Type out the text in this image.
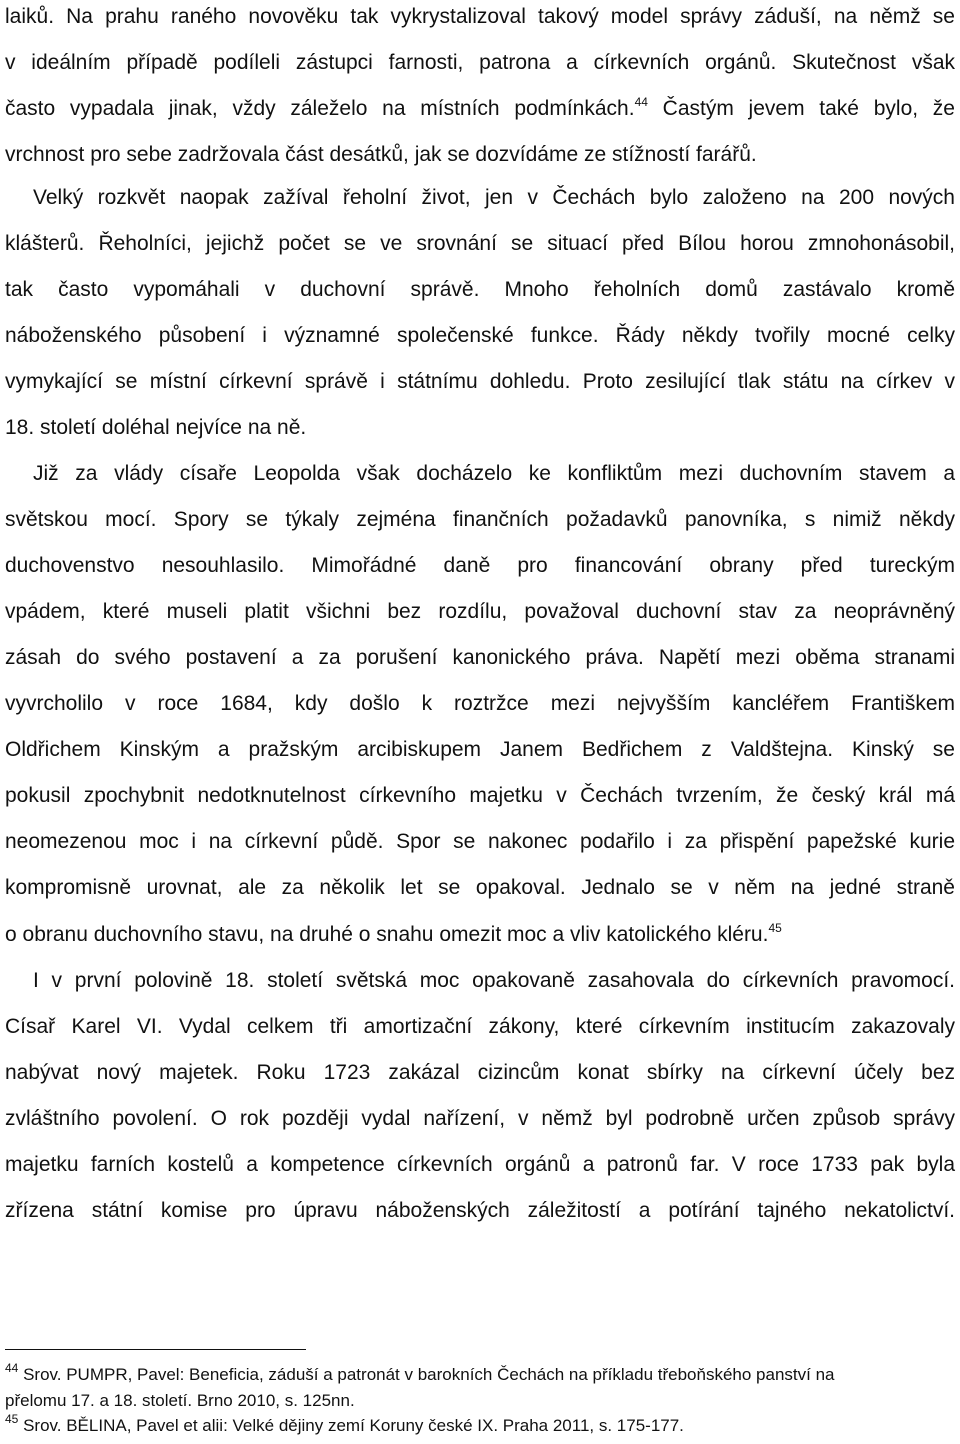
laiků. Na prahu raného novověku tak vykrystalizoval takový model správy záduší, na němž se
v ideálním případě podíleli zástupci farnosti, patrona a církevních orgánů. Skutečnost však
často vypadala jinak, vždy záleželo na místních podmínkách.$^{44}$ Častým jevem také bylo, že
vrchnost pro sebe zadržovala část desátků, jak se dozvídáme ze stížností farářů.
Velký rozkvět naopak zažíval řeholní život, jen v Čechách bylo založeno na 200 nových
klášterů. Řeholníci, jejichž počet se ve srovnání se situací před Bílou horou zmnohonásobil,
tak často vypomáhali v duchovní správě. Mnoho řeholních domů zastávalo kromě
náboženského působení i významné společenské funkce. Řády někdy tvořily mocné celky
vymykající se místní církevní správě i státnímu dohledu. Proto zesilující tlak státu na církev v
18. století doléhal nejvíce na ně.
Již za vlády císaře Leopolda však docházelo ke konfliktům mezi duchovním stavem a
světskou mocí. Spory se týkaly zejména finančních požadavků panovníka, s nimiž někdy
duchovenstvo nesouhlasilo. Mimořádné daně pro financování obrany před tureckým
vpádem, které museli platit všichni bez rozdílu, považoval duchovní stav za neoprávněný
zásah do svého postavení a za porušení kanonického práva. Napětí mezi oběma stranami
vyvrcholilo v roce 1684, kdy došlo k roztržce mezi nejvyšším kancléřem Františkem
Oldřichem Kinským a pražským arcibiskupem Janem Bedřichem z Valdštejna. Kinský se
pokusil zpochybnit nedotknutelnost církevního majetku v Čechách tvrzením, že český král má
neomezenou moc i na církevní půdě. Spor se nakonec podařilo i za přispění papežské kurie
kompromisně urovnat, ale za několik let se opakoval. Jednalo se v něm na jedné straně
o obranu duchovního stavu, na druhé o snahu omezit moc a vliv katolického kléru.$^{45}$
I v první polovině 18. století světská moc opakovaně zasahovala do církevních pravomocí.
Císař Karel VI. Vydal celkem tři amortizační zákony, které církevním institucím zakazovaly
nabývat nový majetek. Roku 1723 zakázal cizincům konat sbírky na církevní účely bez
zvláštního povolení. O rok později vydal nařízení, v němž byl podrobně určen způsob správy
majetku farních kostelů a kompetence církevních orgánů a patronů far. V roce 1733 pak byla
zřízena státní komise pro úpravu náboženských záležitostí a potírání tajného nekatolictví.
$^{44}$ Srov. PUMPR, Pavel: Beneficia, záduší a patronát v barokních Čechách na příkladu třeboňského panství na
přelomu 17. a 18. století. Brno 2010, s. 125nn.
$^{45}$ Srov. BĚLINA, Pavel et alii: Velké dějiny zemí Koruny české IX. Praha 2011, s. 175-177.
